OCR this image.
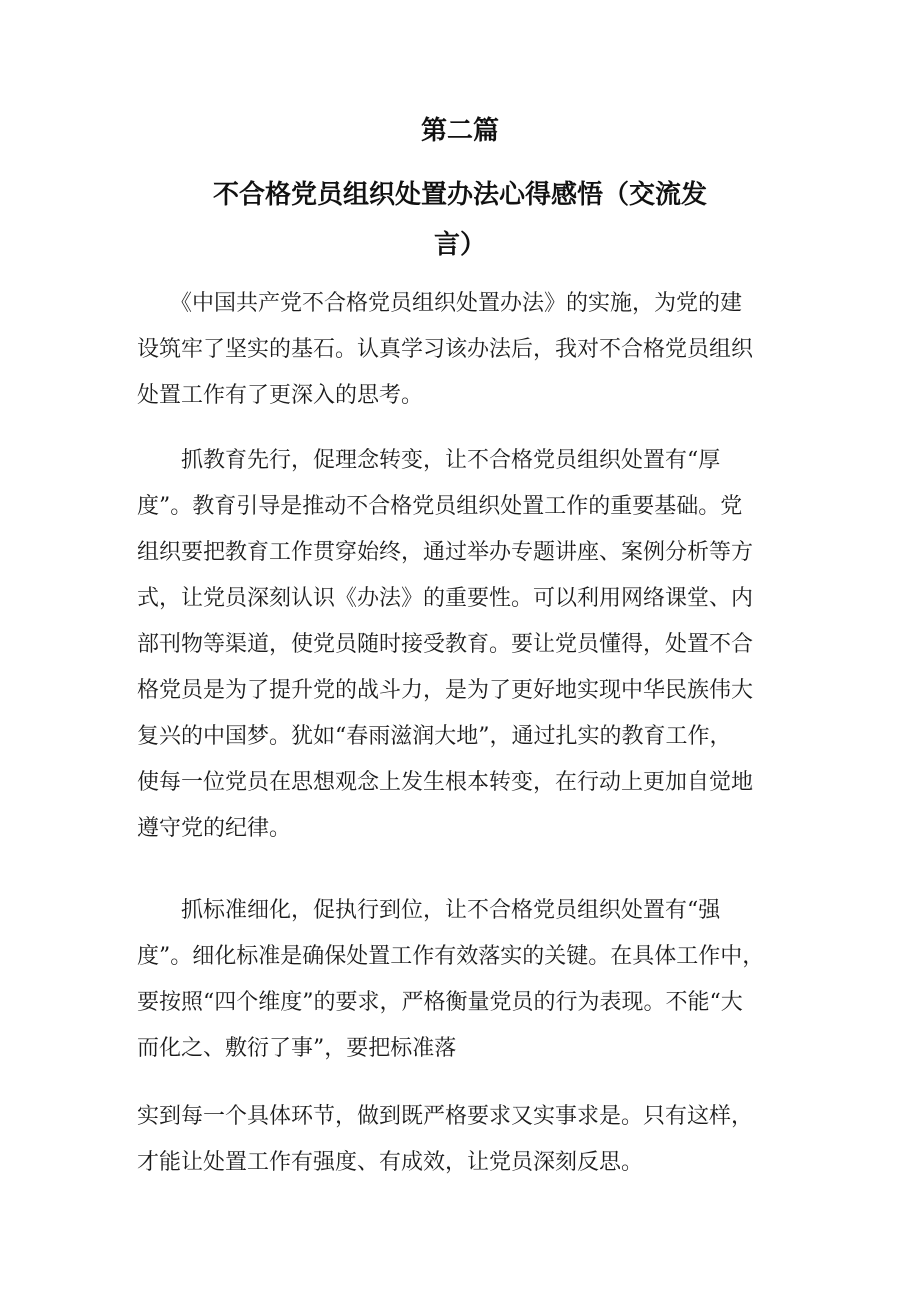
第二篇
不合格党员组织处置办法心得感悟（交流发
言）

　　《中国共产党不合格党员组织处置办法》的实施，为党的建

设筑牢了坚实的基石。认真学习该办法后，我对不合格党员组织

处置工作有了更深入的思考。

　　抓教育先行，促理念转变，让不合格党员组织处置有“厚

度”。教育引导是推动不合格党员组织处置工作的重要基础。党

组织要把教育工作贯穿始终，通过举办专题讲座、案例分析等方

式，让党员深刻认识《办法》的重要性。可以利用网络课堂、内

部刊物等渠道，使党员随时接受教育。要让党员懂得，处置不合

格党员是为了提升党的战斗力，是为了更好地实现中华民族伟大

复兴的中国梦。犹如“春雨滋润大地”，通过扎实的教育工作，

使每一位党员在思想观念上发生根本转变，在行动上更加自觉地

遵守党的纪律。

　　抓标准细化，促执行到位，让不合格党员组织处置有“强

度”。细化标准是确保处置工作有效落实的关键。在具体工作中，

要按照“四个维度”的要求，严格衡量党员的行为表现。不能“大

而化之、敷衍了事”，要把标准落

实到每一个具体环节，做到既严格要求又实事求是。只有这样，

才能让处置工作有强度、有成效，让党员深刻反思。
